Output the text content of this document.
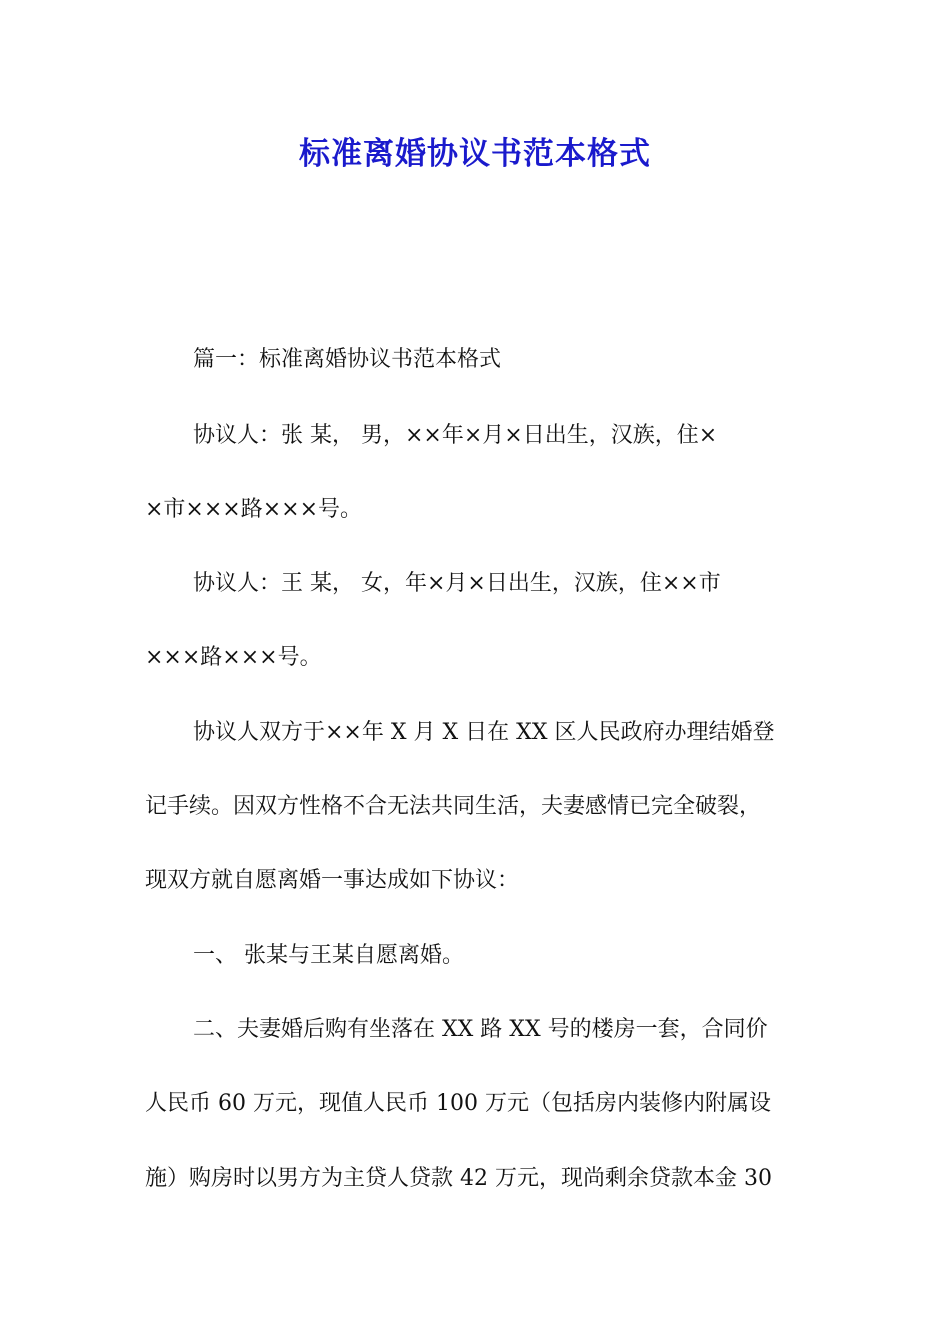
标准离婚协议书范本格式
篇一：标准离婚协议书范本格式
协议人：张 某， 男，××年×月×日出生，汉族，住×
×市×××路×××号。
协议人：王 某， 女，年×月×日出生，汉族，住××市
×××路×××号。
协议人双方于××年 X 月 X 日在 XX 区人民政府办理结婚登
记手续。因双方性格不合无法共同生活，夫妻感情已完全破裂，
现双方就自愿离婚一事达成如下协议：
一、 张某与王某自愿离婚。
二、夫妻婚后购有坐落在 XX 路 XX 号的楼房一套，合同价
人民币 60 万元，现值人民币 100 万元（包括房内装修内附属设
施）购房时以男方为主贷人贷款 42 万元，现尚剩余贷款本金 30
